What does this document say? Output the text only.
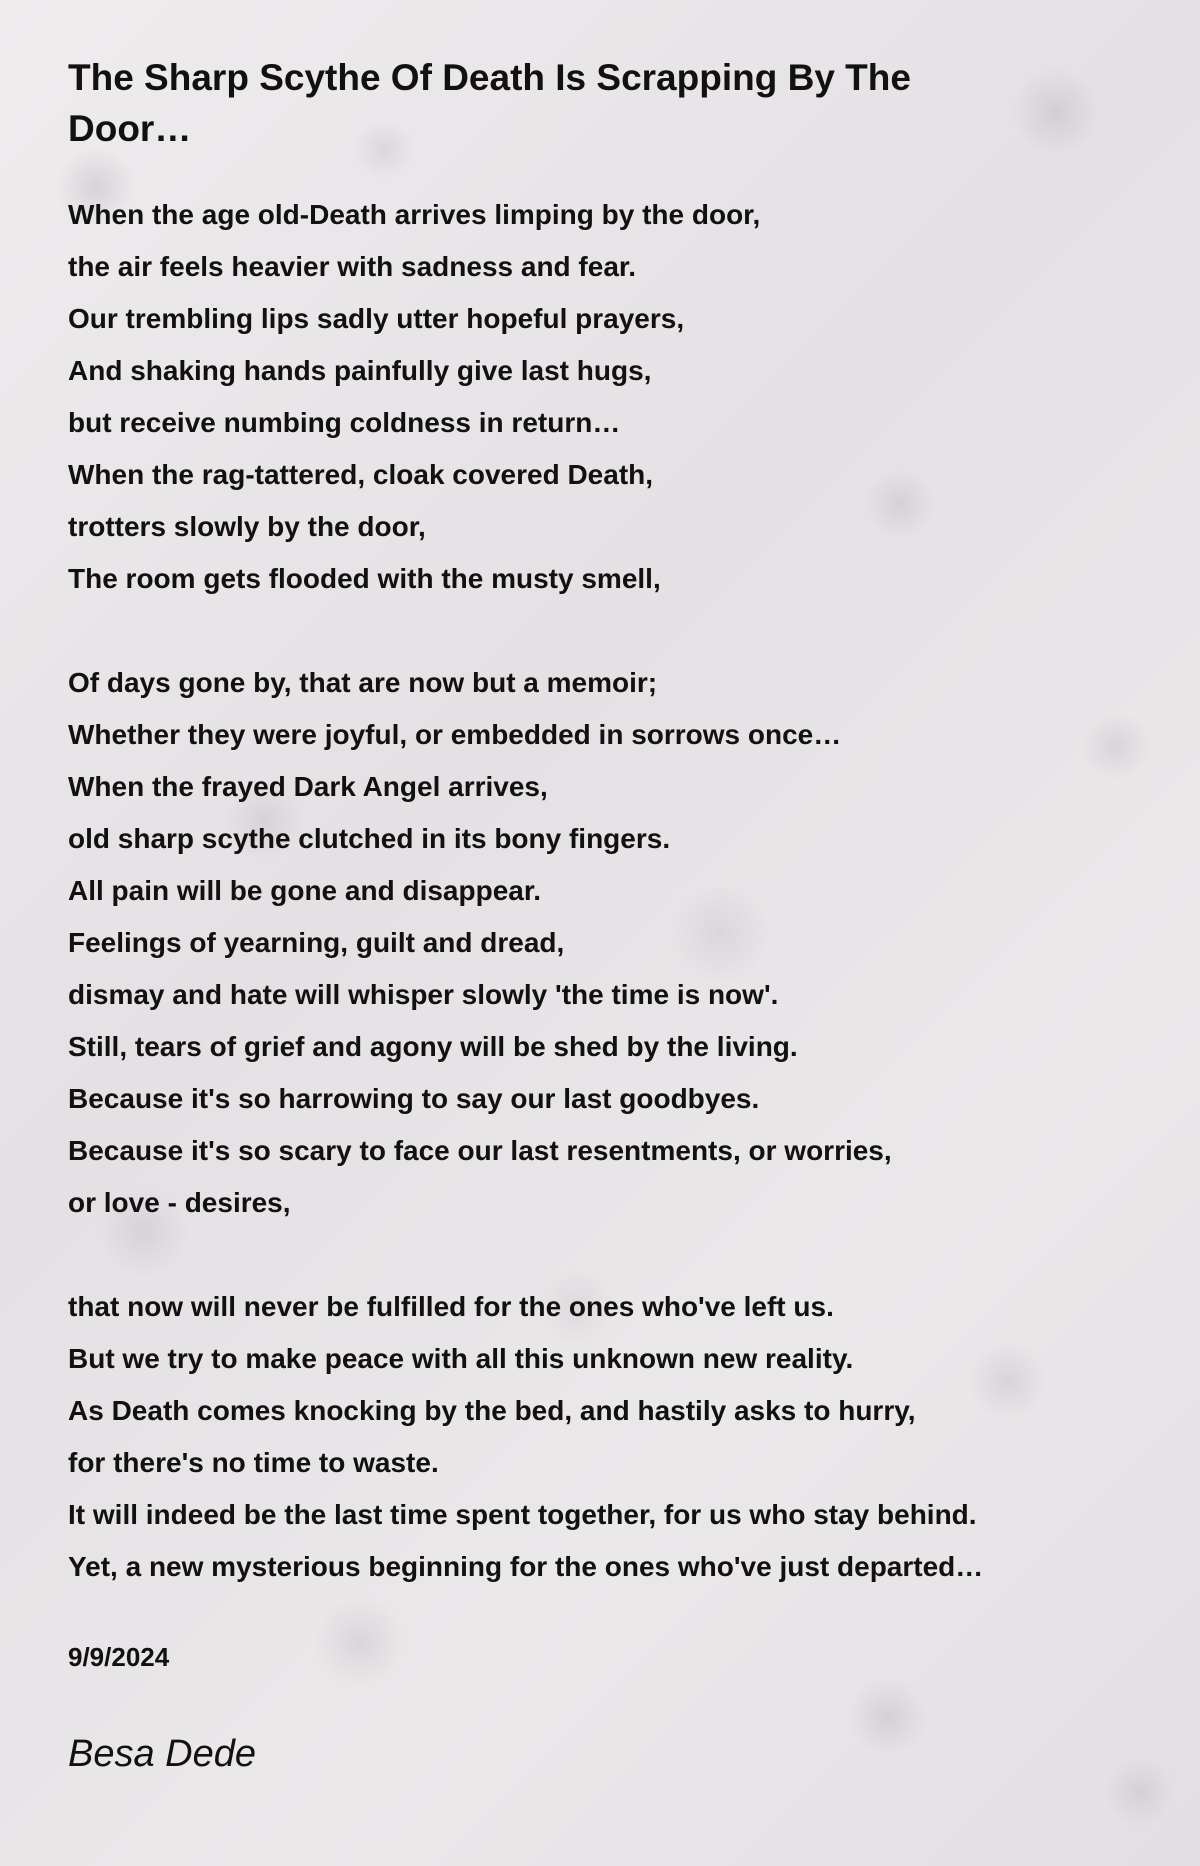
The Sharp Scythe Of Death Is Scrapping By The Door…
When the age old-Death arrives limping by the door,
the air feels heavier with sadness and fear.
Our trembling lips sadly utter hopeful prayers,
And shaking hands painfully give last hugs,
but receive numbing coldness in return…
When the rag-tattered, cloak covered Death,
trotters slowly by the door,
The room gets flooded with the musty smell,
Of days gone by, that are now but a memoir;
Whether they were joyful, or embedded in sorrows once…
When the frayed Dark Angel arrives,
old sharp scythe clutched in its bony fingers.
All pain will be gone and disappear.
Feelings of yearning, guilt and dread,
dismay and hate will whisper slowly 'the time is now'.
Still, tears of grief and agony will be shed by the living.
Because it's so harrowing to say our last goodbyes.
Because it's so scary to face our last resentments, or worries,
or love - desires,
that now will never be fulfilled for the ones who've left us.
But we try to make peace with all this unknown new reality.
As Death comes knocking by the bed, and hastily asks to hurry,
for there's no time to waste.
It will indeed be the last time spent together, for us who stay behind.
Yet, a new mysterious beginning for the ones who've just departed…
9/9/2024
Besa Dede
